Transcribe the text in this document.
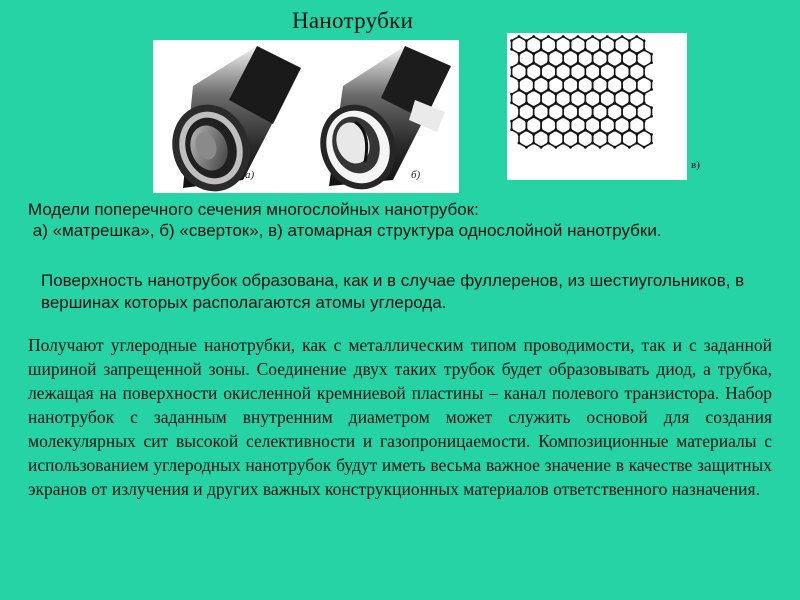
Нанотрубки
а)	б)
в)
Модели поперечного сечения многослойных нанотрубок:
а) «матрешка», б) «сверток», в) атомарная структура однослойной нанотрубки.
Поверхность нанотрубок образована, как и в случае фуллеренов, из шестиугольников, в вершинах которых располагаются атомы углерода.
Получают углеродные нанотрубки, как с металлическим типом проводимости, так и с заданной шириной запрещенной зоны. Соединение двух таких трубок будет образовывать диод, а трубка, лежащая на поверхности окисленной кремниевой пластины – канал полевого транзистора. Набор нанотрубок с заданным внутренним диаметром может служить основой для создания молекулярных сит высокой селективности и газопроницаемости. Композиционные материалы с использованием углеродных нанотрубок будут иметь весьма важное значение в качестве защитных экранов от излучения и других важных конструкционных материалов ответственного назначения.
